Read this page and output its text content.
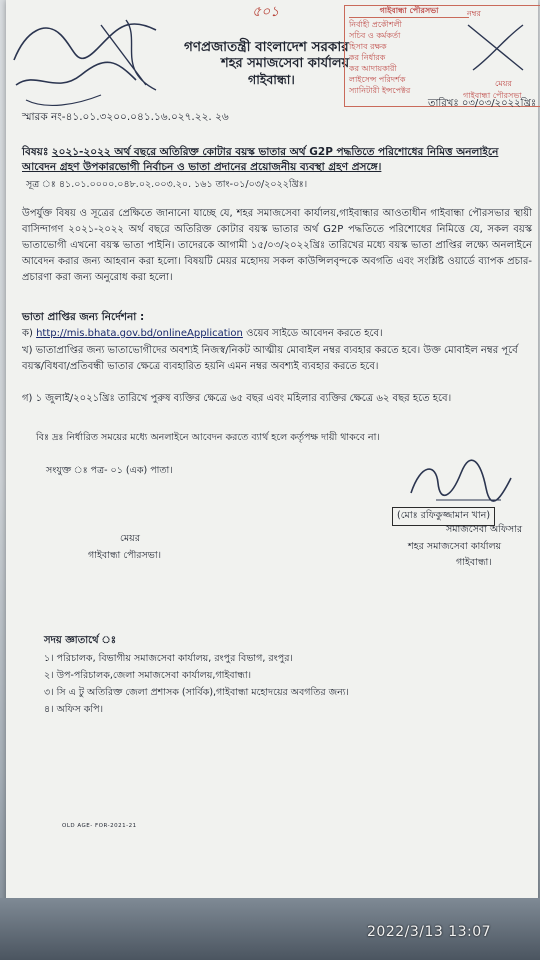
৫০১
গণপ্রজাতন্ত্রী বাংলাদেশ সরকার
শহর সমাজসেবা কার্যালয়
গাইবান্ধা।
গাইবান্ধা পৌরসভা	নম্বর
নির্বাহী প্রকৌশলী
সচিব ও কর্মকর্তা
হিসাব রক্ষক
কর নির্ধারক
কর আদায়কারী
লাইসেন্স পরিদর্শক
স্যানিটারী ইন্সপেক্টর
মেয়র
গাইবান্ধা পৌরসভা
তারিখঃ ০৩/০৩/২০২২খ্রিঃ
স্মারক নং-৪১.০১.৩২০০.০৪১.১৬.০২৭.২২. ২৬
বিষয়ঃ ২০২১-২০২২ অর্থ বছরে অতিরিক্ত কোটার বয়স্ক ভাতার অর্থ G2P পদ্ধতিতে পরিশোধের নিমিত্ত অনলাইনে আবেদন গ্রহণ উপকারভোগী নির্বাচন ও ভাতা প্রদানের প্রয়োজনীয় ব্যবস্থা গ্রহণ প্রসঙ্গে।
সূত্র ঃ ৪১.০১.০০০০.০৪৮.০২.০০৩.২০. ১৬১ তাং-০১/০৩/২০২২খ্রিঃ।
উপর্যুক্ত বিষয় ও সূত্রের প্রেক্ষিতে জানানো যাচ্ছে যে, শহর সমাজসেবা কার্যালয়,গাইবান্ধার আওতাধীন গাইবান্ধা পৌরসভার স্থায়ী বাসিন্দাগণ ২০২১-২০২২ অর্থ বছরে অতিরিক্ত কোটার বয়স্ক ভাতার অর্থ G2P পদ্ধতিতে পরিশোধের নিমিত্তে যে, সকল বয়স্ক ভাতাভোগী এখনো বয়স্ক ভাতা পাইনি। তাদেরকে আগামী ১৫/০৩/২০২২খ্রিঃ তারিখের মধ্যে বয়স্ক ভাতা প্রাপ্তির লক্ষ্যে অনলাইনে আবেদন করার জন্য আহবান করা হলো। বিষয়টি মেয়র মহোদয় সকল কাউন্সিলবৃন্দকে অবগতি এবং সংশ্লিষ্ট ওয়ার্ডে ব্যাপক প্রচার-প্রচারণা করা জন্য অনুরোধ করা হলো।
ভাতা প্রাপ্তির জন্য নির্দেশনা :
ক) http://mis.bhata.gov.bd/onlineApplication ওয়েব সাইডে আবেদন করতে হবে।
খ) ভাতাপ্রাপ্তির জন্য ভাতাভোগীদের অবশ্যই নিজস্ব/নিকট আত্মীয় মোবাইল নম্বর ব্যবহার করতে হবে। উক্ত মোবাইল নম্বর পূর্বে বয়স্ক/বিধবা/প্রতিবন্ধী ভাতার ক্ষেত্রে ব্যবহারিত হয়নি এমন নম্বর অবশ্যই ব্যবহার করতে হবে।
গ) ১ জুলাই/২০২১খ্রিঃ তারিখে পুরুষ ব্যক্তির ক্ষেত্রে ৬৫ বছর এবং মহিলার ব্যক্তির ক্ষেত্রে ৬২ বছর হতে হবে।
বিঃ দ্রঃ নির্ধারিত সময়ের মধ্যে অনলাইনে আবেদন করতে ব্যার্থ হলে কর্তৃপক্ষ দায়ী থাকবে না।
সংযুক্ত ঃ পত্র- ০১ (এক) পাতা।
(মোঃ রফিকুজ্জামান খান)
সমাজসেবা অফিসার
শহর সমাজসেবা কার্যালয়
গাইবান্ধা।
মেয়র
গাইবান্ধা পৌরসভা।
সদয় জ্ঞাতার্থে ঃ
১। পরিচালক, বিভাগীয় সমাজসেবা কার্যালয়, রংপুর বিভাগ, রংপুর।
২। উপ-পরিচালক,জেলা সমাজসেবা কার্যালয়,গাইবান্ধা।
৩। সি এ টু অতিরিক্ত জেলা প্রশাসক (সার্বিক),গাইবান্ধা মহোদয়ের অবগতির জন্য।
৪। অফিস কপি।
OLD AGE- FOR-2021-21
2022/3/13 13:07
